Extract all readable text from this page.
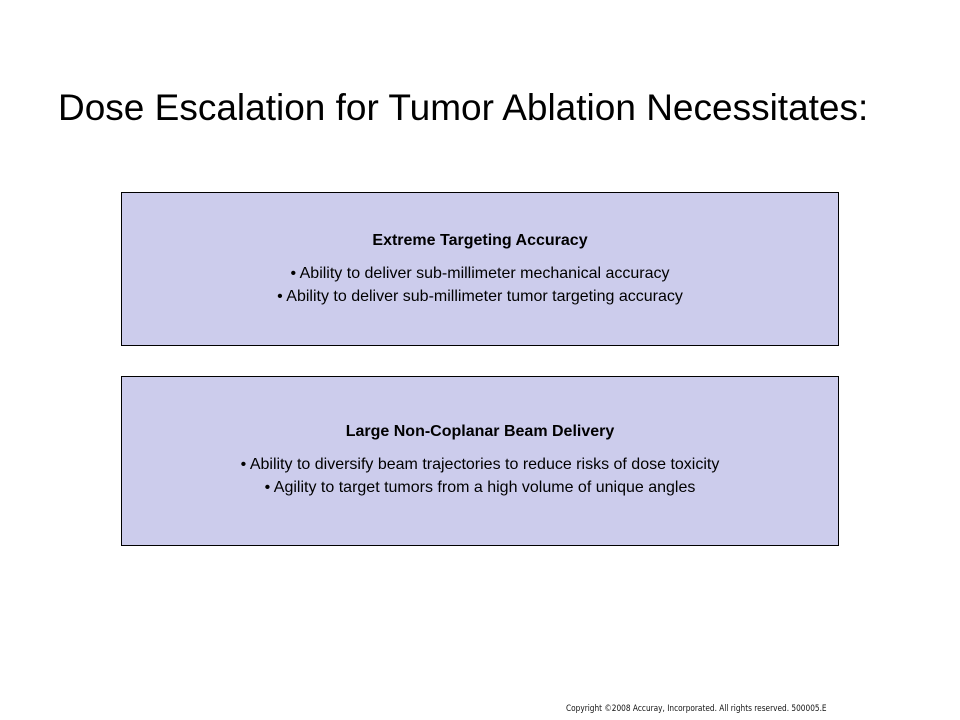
Dose Escalation for Tumor Ablation Necessitates:
Extreme Targeting Accuracy
• Ability to deliver sub-millimeter mechanical accuracy
• Ability to deliver sub-millimeter tumor targeting accuracy
Large Non-Coplanar Beam Delivery
• Ability to diversify beam trajectories to reduce risks of dose toxicity
• Agility to target tumors from a high volume of unique angles
Copyright ©2008 Accuray, Incorporated. All rights reserved. 500005.E
